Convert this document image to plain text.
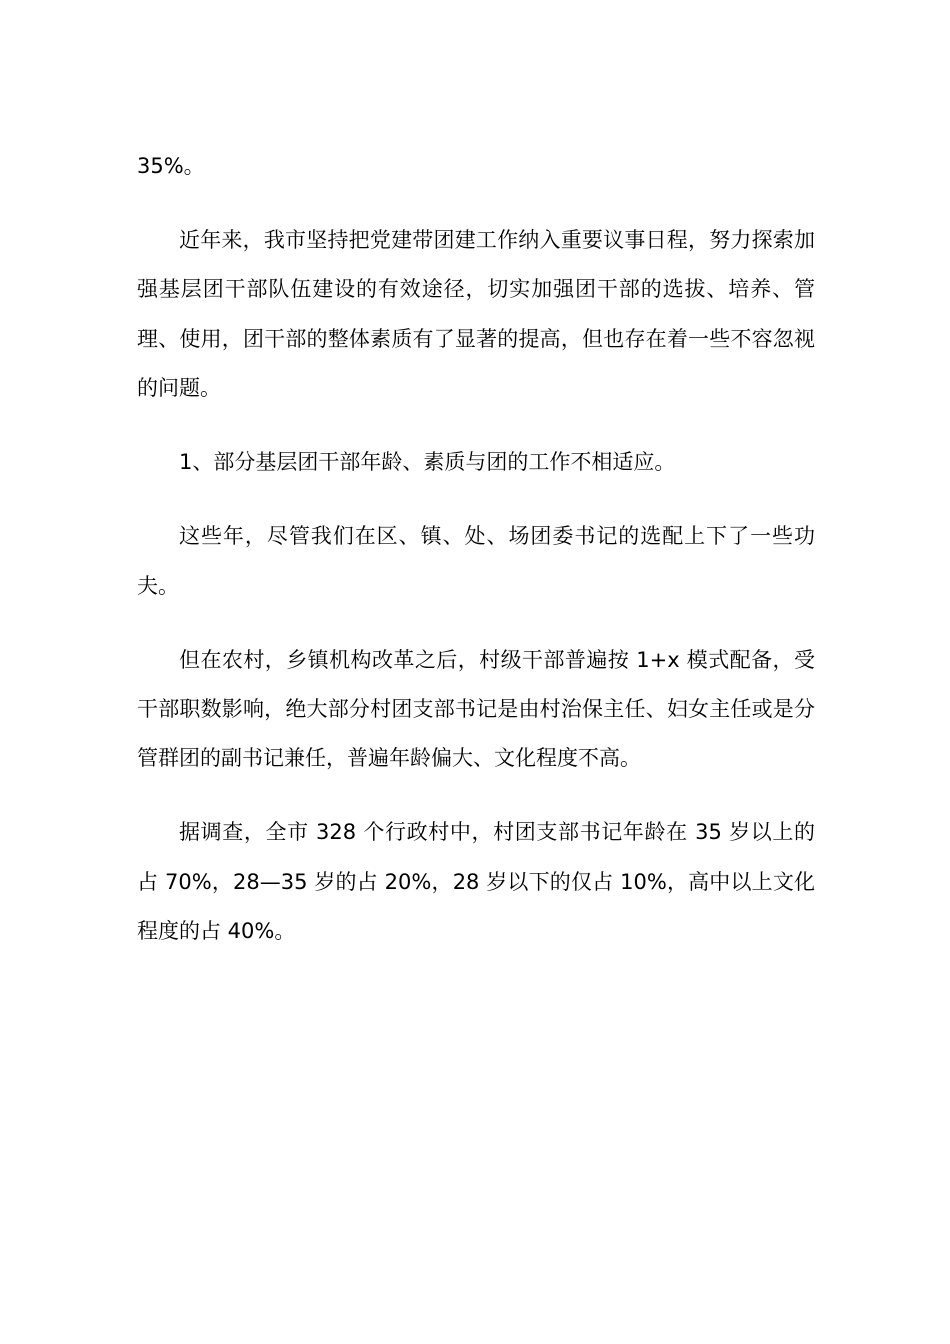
35%。

近年来，我市坚持把党建带团建工作纳入重要议事日程，努力探索加强基层团干部队伍建设的有效途径，切实加强团干部的选拔、培养、管理、使用，团干部的整体素质有了显著的提高，但也存在着一些不容忽视的问题。

1、部分基层团干部年龄、素质与团的工作不相适应。

这些年，尽管我们在区、镇、处、场团委书记的选配上下了一些功夫。

但在农村，乡镇机构改革之后，村级干部普遍按 1+x 模式配备，受干部职数影响，绝大部分村团支部书记是由村治保主任、妇女主任或是分管群团的副书记兼任，普遍年龄偏大、文化程度不高。

据调查，全市 328 个行政村中，村团支部书记年龄在 35 岁以上的占 70%，28—35 岁的占 20%，28 岁以下的仅占 10%，高中以上文化程度的占 40%。
